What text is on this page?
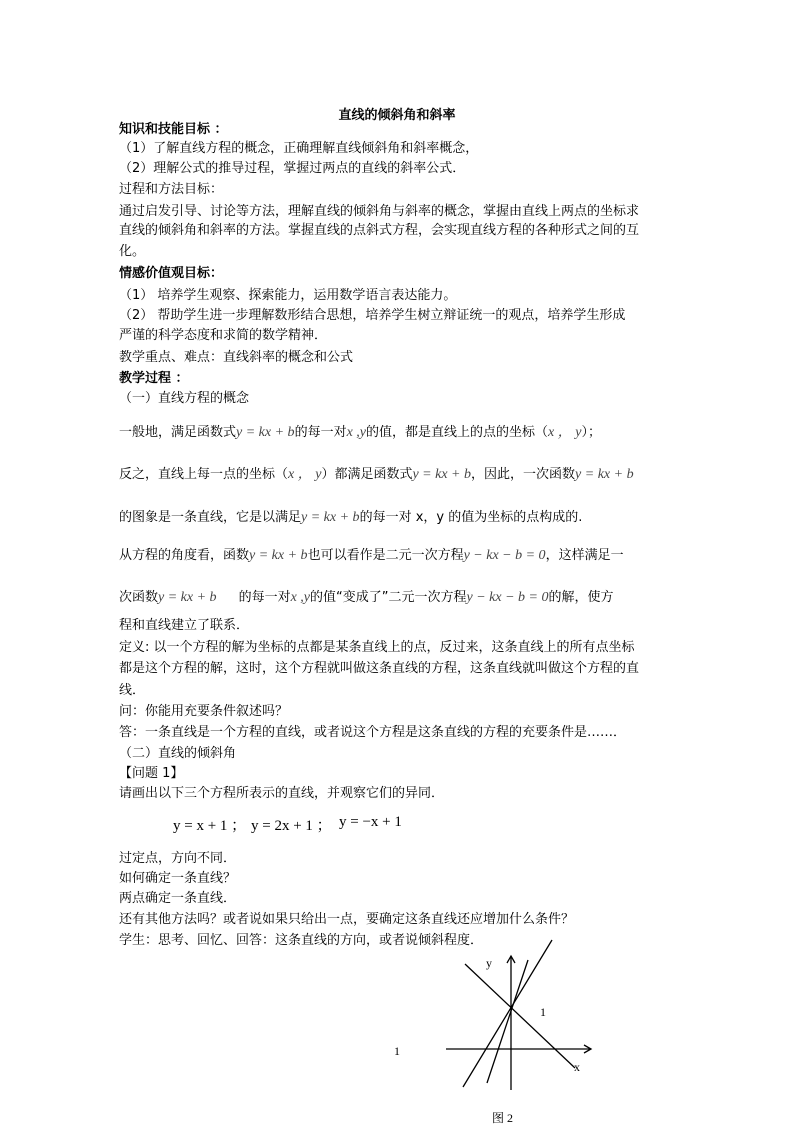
直线的倾斜角和斜率
知识和技能目标 ：
（1）了解直线方程的概念，正确理解直线倾斜角和斜率概念，
（2）理解公式的推导过程，掌握过两点的直线的斜率公式．
过程和方法目标：
通过启发引导、讨论等方法，理解直线的倾斜角与斜率的概念，掌握由直线上两点的坐标求
直线的倾斜角和斜率的方法。掌握直线的点斜式方程，会实现直线方程的各种形式之间的互
化。
情感价值观目标：
（1） 培养学生观察、探索能力，运用数学语言表达能力。
（2） 帮助学生进一步理解数形结合思想，培养学生树立辩证统一的观点，培养学生形成
严谨的科学态度和求简的数学精神．
教学重点、难点：直线斜率的概念和公式
教学过程 ：
（一）直线方程的概念
一般地，满足函数式y = kx + b的每一对x ,y的值，都是直线上的点的坐标（x ， y）；
反之，直线上每一点的坐标（x ， y）都满足函数式y = kx + b，因此，一次函数y = kx + b
的图象是一条直线，它是以满足y = kx + b的每一对 x，y 的值为坐标的点构成的.
从方程的角度看，函数y = kx + b也可以看作是二元一次方程y − kx − b = 0，这样满足一
次函数y = kx + b 的每一对x ,y的值“变成了”二元一次方程y − kx − b = 0的解，使方
程和直线建立了联系．
定义: 以一个方程的解为坐标的点都是某条直线上的点，反过来，这条直线上的所有点坐标
都是这个方程的解，这时，这个方程就叫做这条直线的方程，这条直线就叫做这个方程的直
线．
问：你能用充要条件叙述吗？
答：一条直线是一个方程的直线，或者说这个方程是这条直线的方程的充要条件是……．
（二）直线的倾斜角
【问题 1】
请画出以下三个方程所表示的直线，并观察它们的异同．
y = x + 1 ； y = 2x + 1 ； y = −x + 1
过定点，方向不同．
如何确定一条直线？
两点确定一条直线．
还有其他方法吗？或者说如果只给出一点，要确定这条直线还应增加什么条件？
学生：思考、回忆、回答：这条直线的方向，或者说倾斜程度．
y
x
1
1
图 2
